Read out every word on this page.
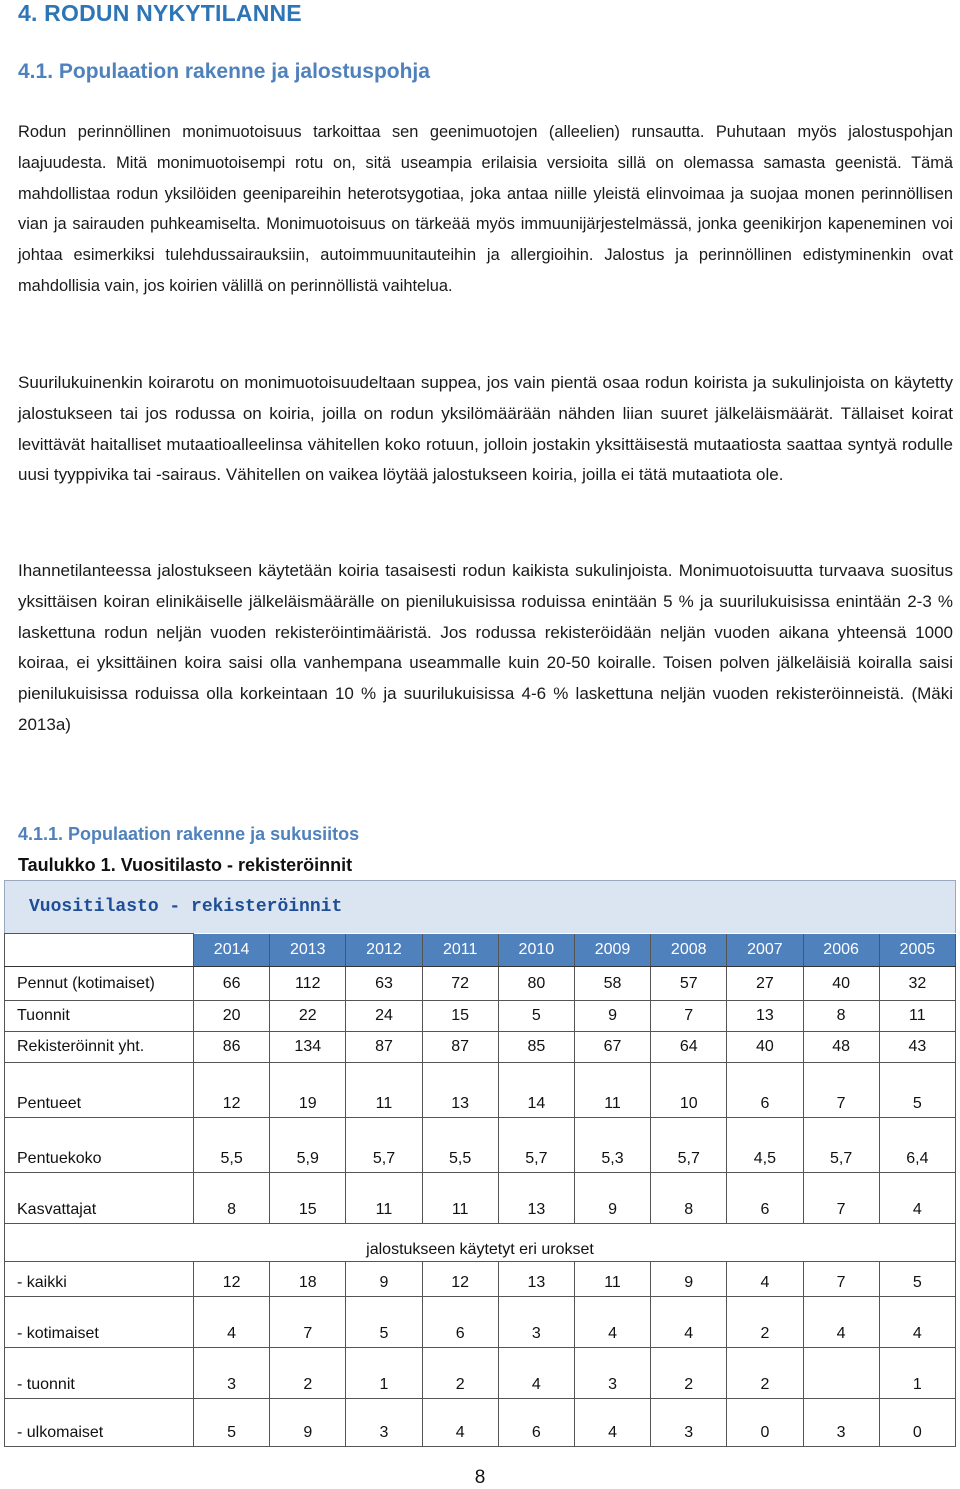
4. RODUN NYKYTILANNE
4.1. Populaation rakenne ja jalostuspohja

Rodun perinnöllinen monimuotoisuus tarkoittaa sen geenimuotojen (alleelien) runsautta. Puhutaan myös jalostuspohjan laajuudesta. Mitä monimuotoisempi rotu on, sitä useampia erilaisia versioita sillä on olemassa samasta geenistä. Tämä mahdollistaa rodun yksilöiden geenipareihin heterotsygotiaa, joka antaa niille yleistä elinvoimaa ja suojaa monen perinnöllisen vian ja sairauden puhkeamiselta. Monimuotoisuus on tärkeää myös immuunijärjestelmässä, jonka geenikirjon kapeneminen voi johtaa esimerkiksi tulehdussairauksiin, autoimmuunitauteihin ja allergioihin. Jalostus ja perinnöllinen edistyminenkin ovat mahdollisia vain, jos koirien välillä on perinnöllistä vaihtelua.

Suurilukuinenkin koirarotu on monimuotoisuudeltaan suppea, jos vain pientä osaa rodun koirista ja sukulinjoista on käytetty jalostukseen tai jos rodussa on koiria, joilla on rodun yksilömäärään nähden liian suuret jälkeläismäärät. Tällaiset koirat levittävät haitalliset mutaatioalleelinsa vähitellen koko rotuun, jolloin jostakin yksittäisestä mutaatiosta saattaa syntyä rodulle uusi tyyppivika tai -sairaus. Vähitellen on vaikea löytää jalostukseen koiria, joilla ei tätä mutaatiota ole.

Ihannetilanteessa jalostukseen käytetään koiria tasaisesti rodun kaikista sukulinjoista. Monimuotoisuutta turvaava suositus yksittäisen koiran elinikäiselle jälkeläismäärälle on pienilukuisissa roduissa enintään 5 % ja suurilukuisissa enintään 2-3 % laskettuna rodun neljän vuoden rekisteröintimääristä. Jos rodussa rekisteröidään neljän vuoden aikana yhteensä 1000 koiraa, ei yksittäinen koira saisi olla vanhempana useammalle kuin 20-50 koiralle. Toisen polven jälkeläisiä koiralla saisi pienilukuisissa roduissa olla korkeintaan 10 % ja suurilukuisissa 4-6 % laskettuna neljän vuoden rekisteröinneistä. (Mäki 2013a)

4.1.1. Populaation rakenne ja sukusiitos
Taulukko 1. Vuositilasto - rekisteröinnit
Vuositilasto - rekisteröinnit
	2014	2013	2012	2011	2010	2009	2008	2007	2006	2005
Pennut (kotimaiset)	66	112	63	72	80	58	57	27	40	32
Tuonnit	20	22	24	15	5	9	7	13	8	11
Rekisteröinnit yht.	86	134	87	87	85	67	64	40	48	43
Pentueet	12	19	11	13	14	11	10	6	7	5
Pentuekoko	5,5	5,9	5,7	5,5	5,7	5,3	5,7	4,5	5,7	6,4
Kasvattajat	8	15	11	11	13	9	8	6	7	4
jalostukseen käytetyt eri urokset										
- kaikki	12	18	9	12	13	11	9	4	7	5
- kotimaiset	4	7	5	6	3	4	4	2	4	4
- tuonnit	3	2	1	2	4	3	2	2		1
- ulkomaiset	5	9	3	4	6	4	3	0	3	0
8
